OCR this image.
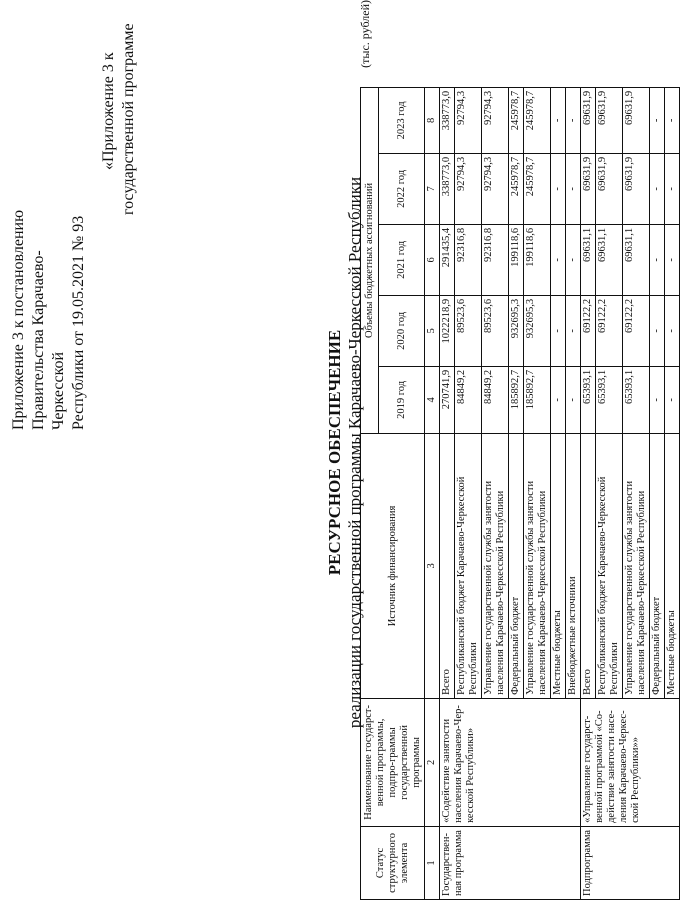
Приложение 3 к постановлению Правительства Карачаево- Черкесской Республики от 19.05.2021 № 93
«Приложение 3 к государственной программе
РЕСУРСНОЕ ОБЕСПЕЧЕНИЕ реализации государственной программы Карачаево-Черкесской Республики
(тыс. рублей)
Статус структурного элемента	Наименование государст-венной программы, подпро-граммы государственной программы	Источник финансирования	Объемы бюджетных ассигнований				
			2019 год	2020 год	2021 год	2022 год	2023 год
1	2	3	4	5	6	7	8
Государствен-ная программа	«Содействие занятости населения Карачаево-Чер-кесской Республики»	Всего	270741,9	1022218,9	291435,4	338773,0	338773,0
		Республиканский бюджет Карачаево-Черкесской Республики	84849,2	89523,6	92316,8	92794,3	92794,3
		Управление государственной службы занятости населения Карачаево-Черкесской Республики	84849,2	89523,6	92316,8	92794,3	92794,3
		Федеральный бюджет	185892,7	932695,3	199118,6	245978,7	245978,7
		Управление государственной службы занятости населения Карачаево-Черкесской Республики	185892,7	932695,3	199118,6	245978,7	245978,7
		Местные бюджеты	-	-	-	-	-
		Внебюджетные источники	-	-	-	-	-
Подпрограмма	«Управление государст-венной программой «Со-действие занятости насе-ления Карачаево-Черкес-ской Республики»»	Всего	65393,1	69122,2	69631,1	69631,9	69631,9
		Республиканский бюджет Карачаево-Черкесской Республики	65393,1	69122,2	69631,1	69631,9	69631,9
		Управление государственной службы занятости населения Карачаево-Черкесской Республики	65393,1	69122,2	69631,1	69631,9	69631,9
		Федеральный бюджет	-	-	-	-	-
		Местные бюджеты	-	-	-	-	-
